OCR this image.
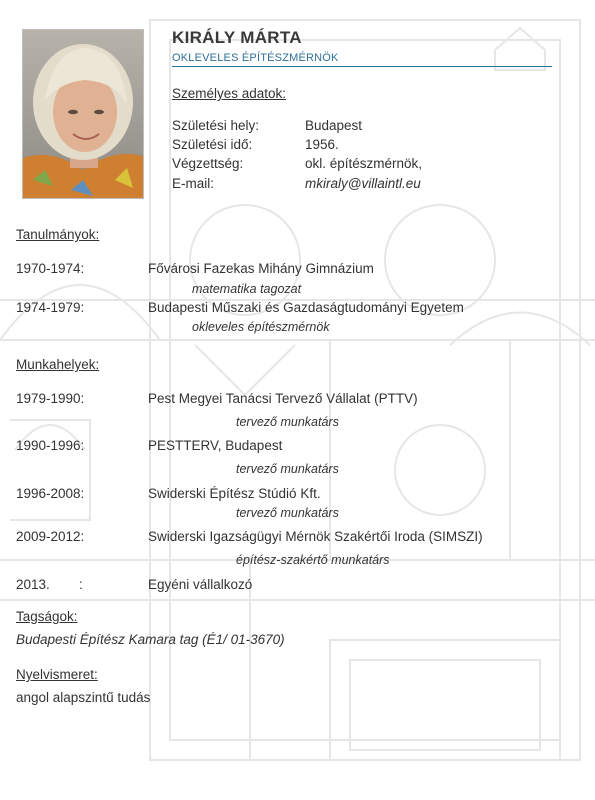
KIRÁLY MÁRTA
OKLEVELES ÉPÍTÉSZMÉRNÖK
Személyes adatok:
Születési hely:	Budapest
Születési idő:	1956.
Végzettség:	okl. építészmérnök,
E-mail:	mkiraly@villaintl.eu
Tanulmányok:
1970-1974:	Fővárosi Fazekas Mihány Gimnázium
matematika tagozat
1974-1979:	Budapesti Műszaki és Gazdaságtudományi Egyetem
okleveles építészmérnök
Munkahelyek:
1979-1990:	Pest Megyei Tanácsi Tervező Vállalat (PTTV)
tervező munkatárs
1990-1996:	PESTTERV, Budapest
tervező munkatárs
1996-2008:	Swiderski Építész Stúdió Kft.
tervező munkatárs
2009-2012:	Swiderski Igazságügyi Mérnök Szakértői Iroda (SIMSZI)
építész-szakértő munkatárs
2013. :	Egyéni vállalkozó
Tagságok:
Budapesti Építész Kamara tag (É1/ 01-3670)
Nyelvismeret:
angol alapszintű tudás
